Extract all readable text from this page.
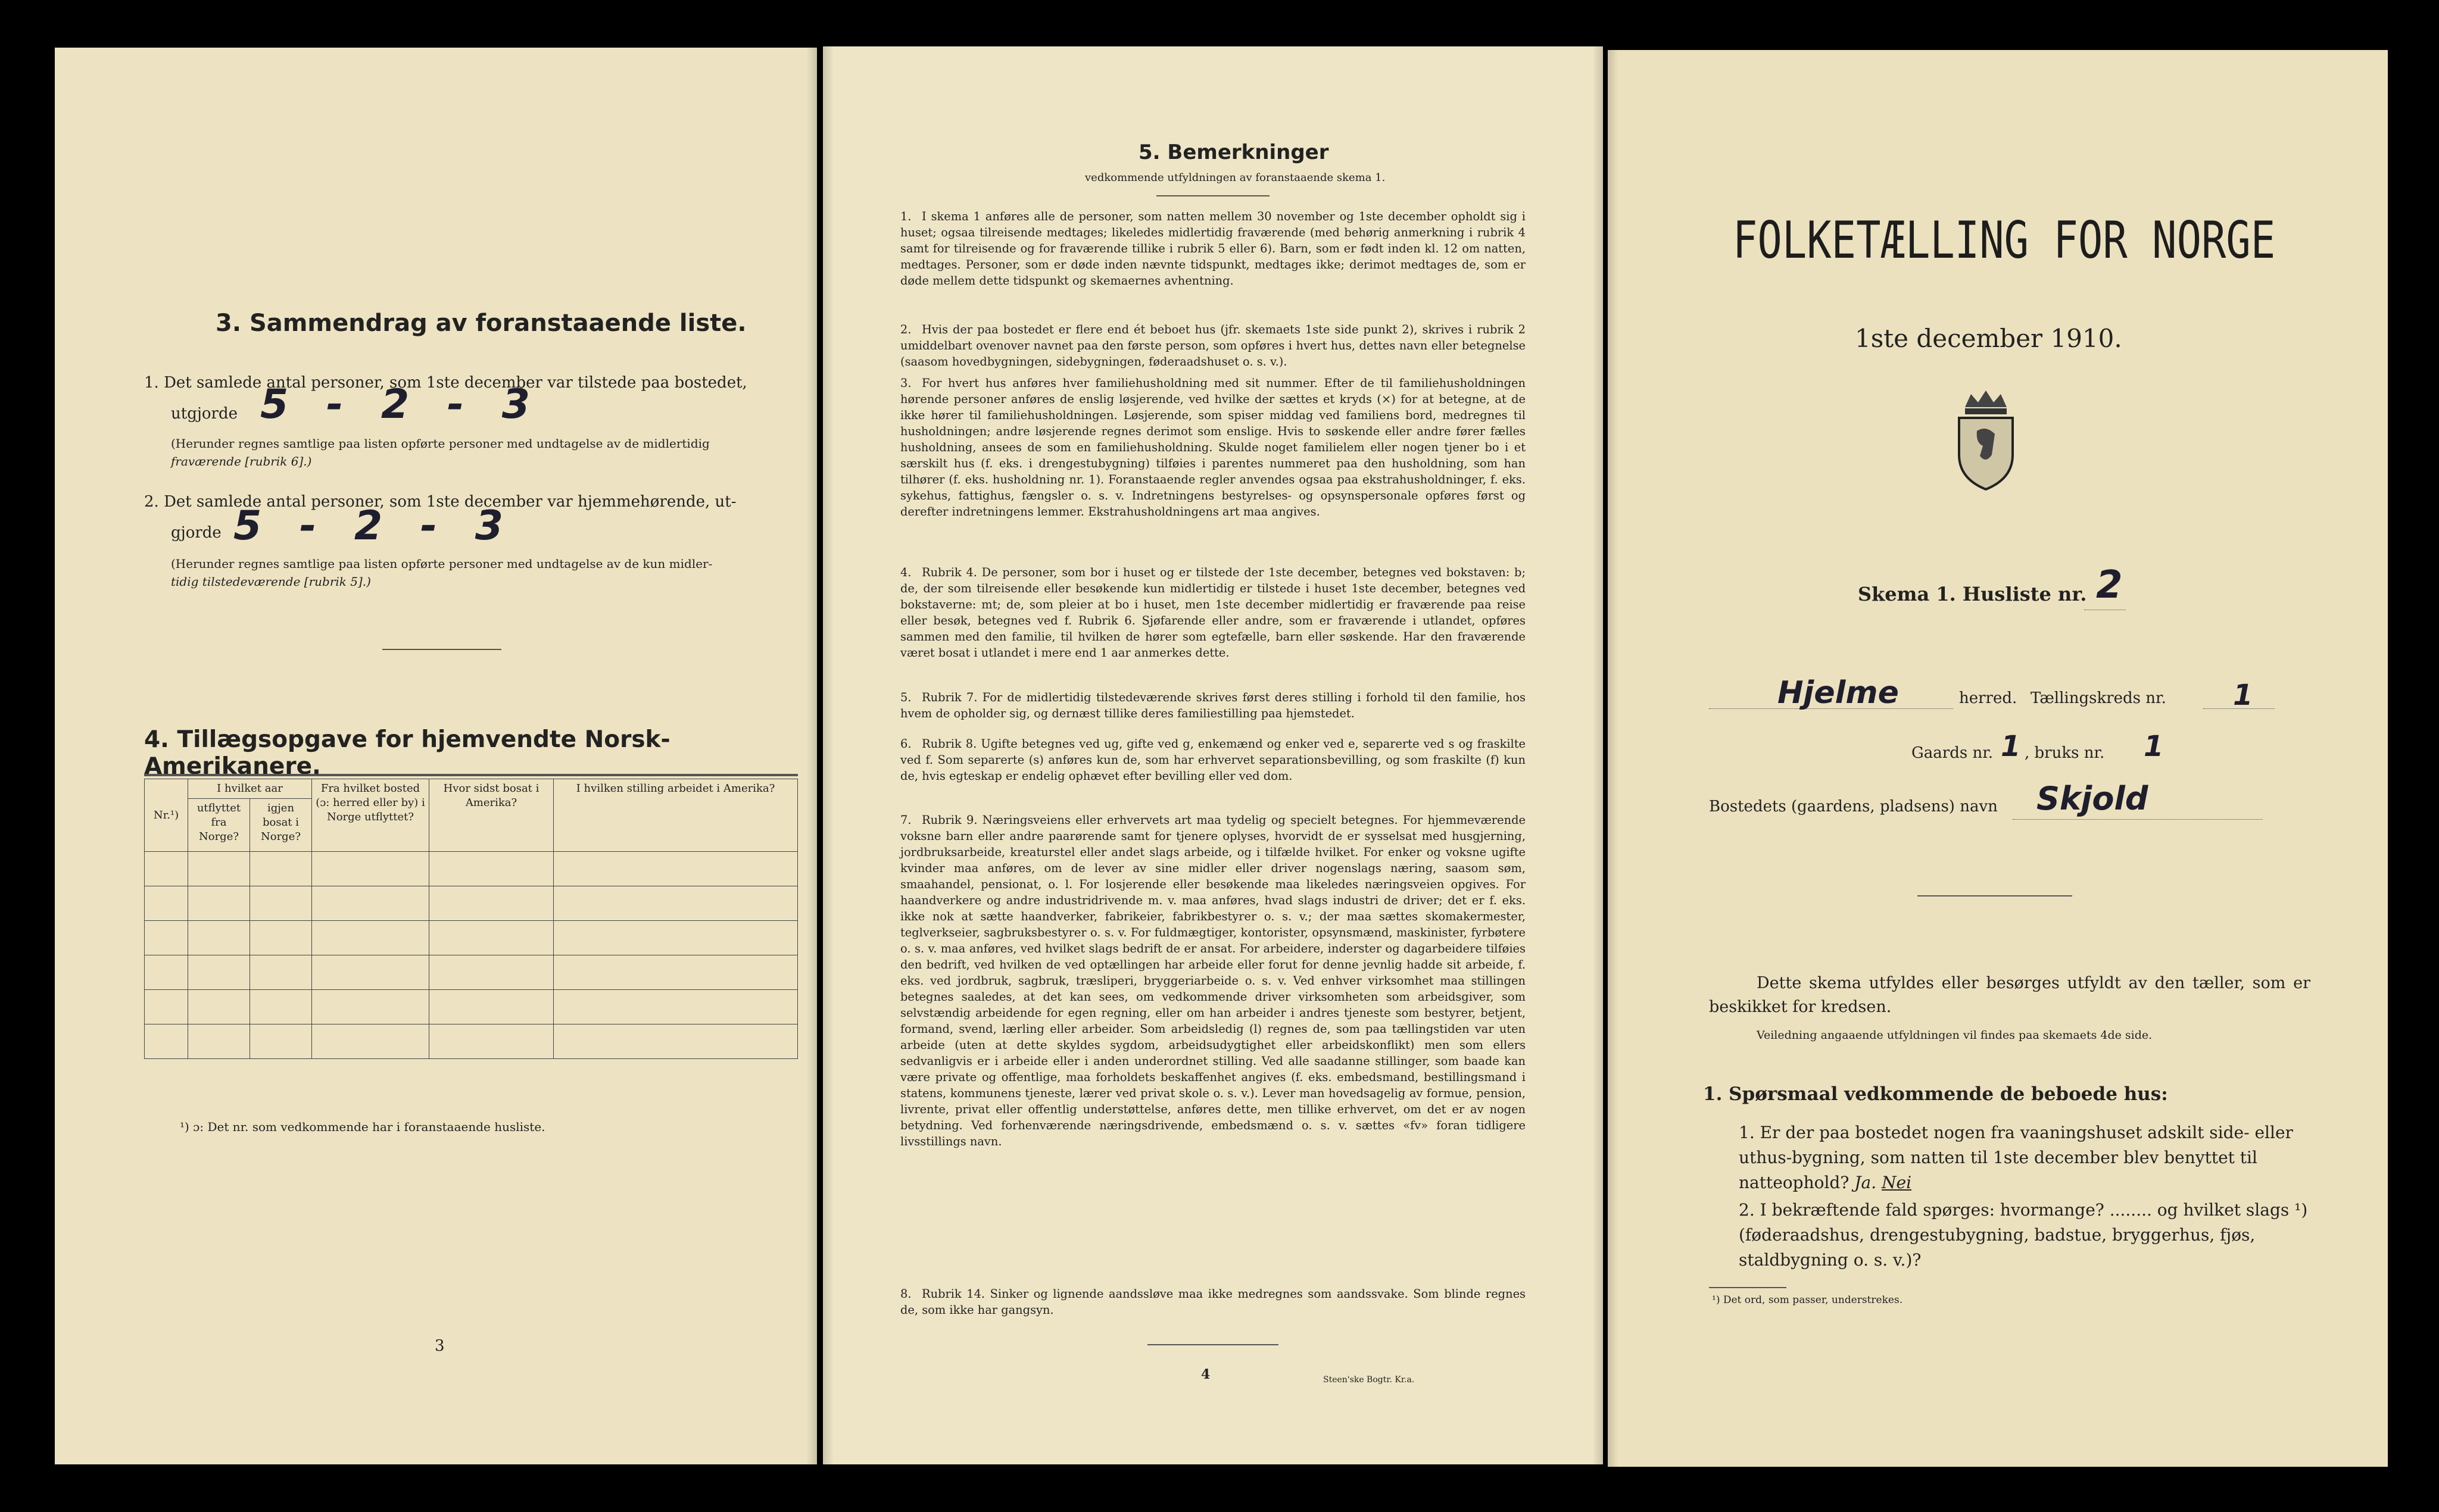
3. Sammendrag av foranstaaende liste.
1. Det samlede antal personer, som 1ste december var tilstede paa bostedet,
utgjorde 5 - 2 - 3
(Herunder regnes samtlige paa listen opførte personer med undtagelse av de midlertidig
fraværende [rubrik 6].)
2. Det samlede antal personer, som 1ste december var hjemmehørende, ut-
gjorde 5 - 2 - 3
(Herunder regnes samtlige paa listen opførte personer med undtagelse av de kun midler-
tidig tilstedeværende [rubrik 5].)
4. Tillægsopgave for hjemvendte Norsk-Amerikanere.
Nr.¹)	I hvilket aar		Fra hvilket bosted (ɔ: herred eller by) i Norge utflyttet?	Hvor sidst bosat i Amerika?	I hvilken stilling arbeidet i Amerika?
	utflyttet fra Norge?	igjen bosat i Norge?			

¹) ɔ: Det nr. som vedkommende har i foranstaaende husliste.
3
5. Bemerkninger
vedkommende utfyldningen av foranstaaende skema 1.
1. I skema 1 anføres alle de personer, som natten mellem 30 november og 1ste december opholdt sig i huset; ogsaa tilreisende medtages; likeledes midlertidig fraværende (med behørig anmerkning i rubrik 4 samt for tilreisende og for fraværende tillike i rubrik 5 eller 6). Barn, som er født inden kl. 12 om natten, medtages. Personer, som er døde inden nævnte tidspunkt, medtages ikke; derimot medtages de, som er døde mellem dette tidspunkt og skemaernes avhentning.
2. Hvis der paa bostedet er flere end ét beboet hus (jfr. skemaets 1ste side punkt 2), skrives i rubrik 2 umiddelbart ovenover navnet paa den første person, som opføres i hvert hus, dettes navn eller betegnelse (saasom hovedbygningen, sidebygningen, føderaadshuset o. s. v.).
3. For hvert hus anføres hver familiehusholdning med sit nummer. Efter de til familiehusholdningen hørende personer anføres de enslig løsjerende, ved hvilke der sættes et kryds (×) for at betegne, at de ikke hører til familiehusholdningen. Løsjerende, som spiser middag ved familiens bord, medregnes til husholdningen; andre løsjerende regnes derimot som enslige. Hvis to søskende eller andre fører fælles husholdning, ansees de som en familiehusholdning. Skulde noget familielem eller nogen tjener bo i et særskilt hus (f. eks. i drengestubygning) tilføies i parentes nummeret paa den husholdning, som han tilhører (f. eks. husholdning nr. 1). Foranstaaende regler anvendes ogsaa paa ekstrahusholdninger, f. eks. sykehus, fattighus, fængsler o. s. v. Indretningens bestyrelses- og opsynspersonale opføres først og derefter indretningens lemmer. Ekstrahusholdningens art maa angives.
4. Rubrik 4. De personer, som bor i huset og er tilstede der 1ste december, betegnes ved bokstaven: b; de, der som tilreisende eller besøkende kun midlertidig er tilstede i huset 1ste december, betegnes ved bokstaverne: mt; de, som pleier at bo i huset, men 1ste december midlertidig er fraværende paa reise eller besøk, betegnes ved f. Rubrik 6. Sjøfarende eller andre, som er fraværende i utlandet, opføres sammen med den familie, til hvilken de hører som egtefælle, barn eller søskende. Har den fraværende været bosat i utlandet i mere end 1 aar anmerkes dette.
5. Rubrik 7. For de midlertidig tilstedeværende skrives først deres stilling i forhold til den familie, hos hvem de opholder sig, og dernæst tillike deres familiestilling paa hjemstedet.
6. Rubrik 8. Ugifte betegnes ved ug, gifte ved g, enkemænd og enker ved e, separerte ved s og fraskilte ved f. Som separerte (s) anføres kun de, som har erhvervet separationsbevilling, og som fraskilte (f) kun de, hvis egteskap er endelig ophævet efter bevilling eller ved dom.
7. Rubrik 9. Næringsveiens eller erhvervets art maa tydelig og specielt betegnes. For hjemmeværende voksne barn eller andre paarørende samt for tjenere oplyses, hvorvidt de er sysselsat med husgjerning, jordbruksarbeide, kreaturstel eller andet slags arbeide, og i tilfælde hvilket. For enker og voksne ugifte kvinder maa anføres, om de lever av sine midler eller driver nogenslags næring, saasom søm, smaahandel, pensionat, o. l. For losjerende eller besøkende maa likeledes næringsveien opgives. For haandverkere og andre industridrivende m. v. maa anføres, hvad slags industri de driver; det er f. eks. ikke nok at sætte haandverker, fabrikeier, fabrikbestyrer o. s. v.; der maa sættes skomakermester, teglverkseier, sagbruksbestyrer o. s. v. For fuldmægtiger, kontorister, opsynsmænd, maskinister, fyrbøtere o. s. v. maa anføres, ved hvilket slags bedrift de er ansat. For arbeidere, inderster og dagarbeidere tilføies den bedrift, ved hvilken de ved optællingen har arbeide eller forut for denne jevnlig hadde sit arbeide, f. eks. ved jordbruk, sagbruk, træsliperi, bryggeriarbeide o. s. v. Ved enhver virksomhet maa stillingen betegnes saaledes, at det kan sees, om vedkommende driver virksomheten som arbeidsgiver, som selvstændig arbeidende for egen regning, eller om han arbeider i andres tjeneste som bestyrer, betjent, formand, svend, lærling eller arbeider. Som arbeidsledig (l) regnes de, som paa tællingstiden var uten arbeide (uten at dette skyldes sygdom, arbeidsudygtighet eller arbeidskonflikt) men som ellers sedvanligvis er i arbeide eller i anden underordnet stilling. Ved alle saadanne stillinger, som baade kan være private og offentlige, maa forholdets beskaffenhet angives (f. eks. embedsmand, bestillingsmand i statens, kommunens tjeneste, lærer ved privat skole o. s. v.). Lever man hovedsagelig av formue, pension, livrente, privat eller offentlig understøttelse, anføres dette, men tillike erhvervet, om det er av nogen betydning. Ved forhenværende næringsdrivende, embedsmænd o. s. v. sættes «fv» foran tidligere livsstillings navn.
8. Rubrik 14. Sinker og lignende aandssløve maa ikke medregnes som aandssvake. Som blinde regnes de, som ikke har gangsyn.
4	Steen'ske Bogtr. Kr.a.
FOLKETÆLLING FOR NORGE
1ste december 1910.
Skema 1. Husliste nr. 2
Hjelme	herred. Tællingskreds nr. 1
Gaards nr. 1 , bruks nr. 1
Bostedets (gaardens, pladsens) navn Skjold
Dette skema utfyldes eller besørges utfyldt av den tæller, som er beskikket for kredsen.
Veiledning angaaende utfyldningen vil findes paa skemaets 4de side.
1. Spørsmaal vedkommende de beboede hus:
1. Er der paa bostedet nogen fra vaaningshuset adskilt side- eller uthus-bygning, som natten til 1ste december blev benyttet til natteophold? Ja. Nei
2. I bekræftende fald spørges: hvormange? ........ og hvilket slags ¹) (føderaadshus, drengestubygning, badstue, bryggerhus, fjøs, staldbygning o. s. v.)?
¹) Det ord, som passer, understrekes.
